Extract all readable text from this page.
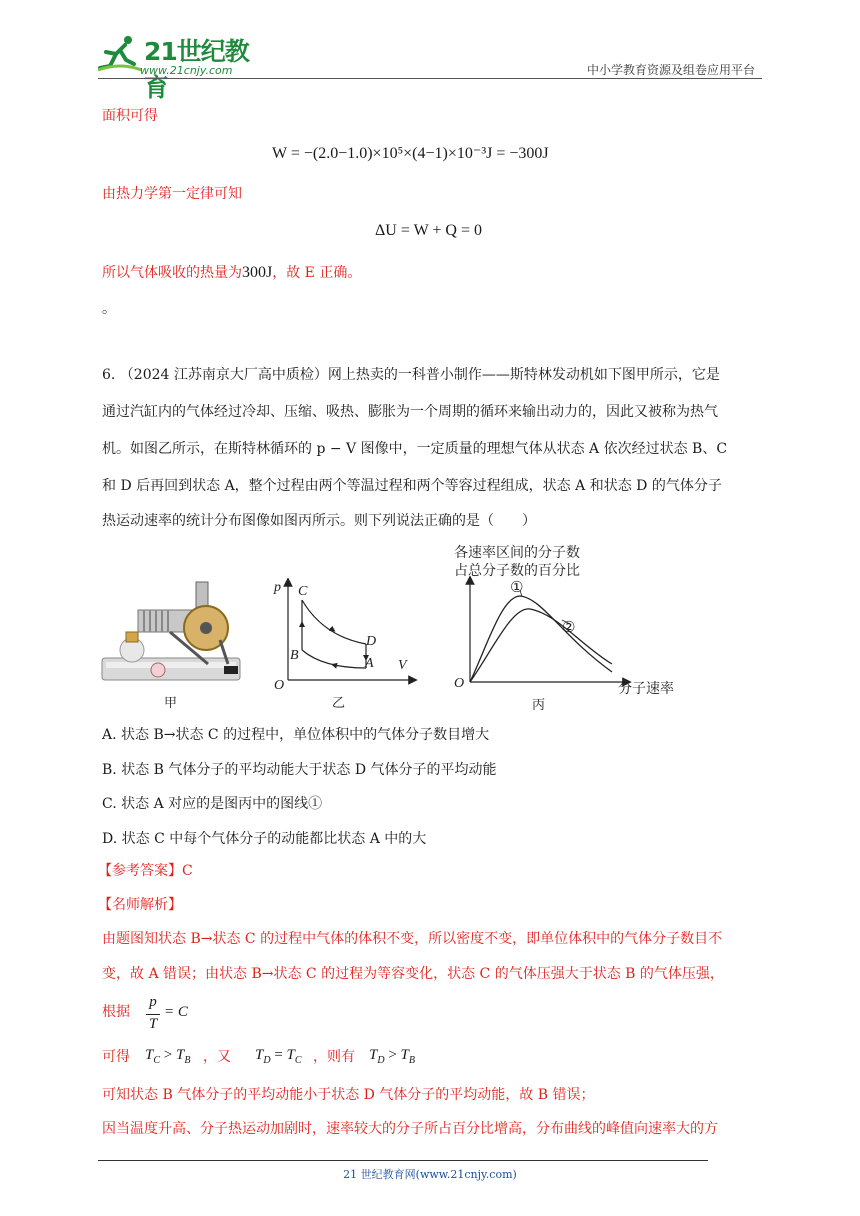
21世纪教育
www.21cnjy.com	中小学教育资源及组卷应用平台
面积可得
W = −(2.0−1.0)×10⁵×(4−1)×10⁻³J = −300J
由热力学第一定律可知
ΔU = W + Q = 0
所以气体吸收的热量为300J，故 E 正确。
。
6. （2024 江苏南京大厂高中质检）网上热卖的一科普小制作——斯特林发动机如下图甲所示，它是
通过汽缸内的气体经过冷却、压缩、吸热、膨胀为一个周期的循环来输出动力的，因此又被称为热气
机。如图乙所示，在斯特林循环的 p − V 图像中，一定质量的理想气体从状态 A 依次经过状态 B、C
和 D 后再回到状态 A，整个过程由两个等温过程和两个等容过程组成，状态 A 和状态 D 的气体分子
热运动速率的统计分布图像如图丙所示。则下列说法正确的是（　　）
甲
p
V
O
C
B
D
A
乙
各速率区间的分子数
占总分子数的百分比
①
②
O	分子速率
丙
A. 状态 B→状态 C 的过程中，单位体积中的气体分子数目增大
B. 状态 B 气体分子的平均动能大于状态 D 气体分子的平均动能
C. 状态 A 对应的是图丙中的图线①
D. 状态 C 中每个气体分子的动能都比状态 A 中的大
【参考答案】C
【名师解析】
由题图知状态 B→状态 C 的过程中气体的体积不变，所以密度不变，即单位体积中的气体分子数目不
变，故 A 错误；由状态 B→状态 C 的过程为等容变化，状态 C 的气体压强大于状态 B 的气体压强，
根据
p
T
= C
可得 $T_C > T_B$ ，又 $T_D = T_C$ ，则有 $T_D > T_B$
可知状态 B 气体分子的平均动能小于状态 D 气体分子的平均动能，故 B 错误；
因当温度升高、分子热运动加剧时，速率较大的分子所占百分比增高，分布曲线的峰值向速率大的方
21 世纪教育网(www.21cnjy.com)
